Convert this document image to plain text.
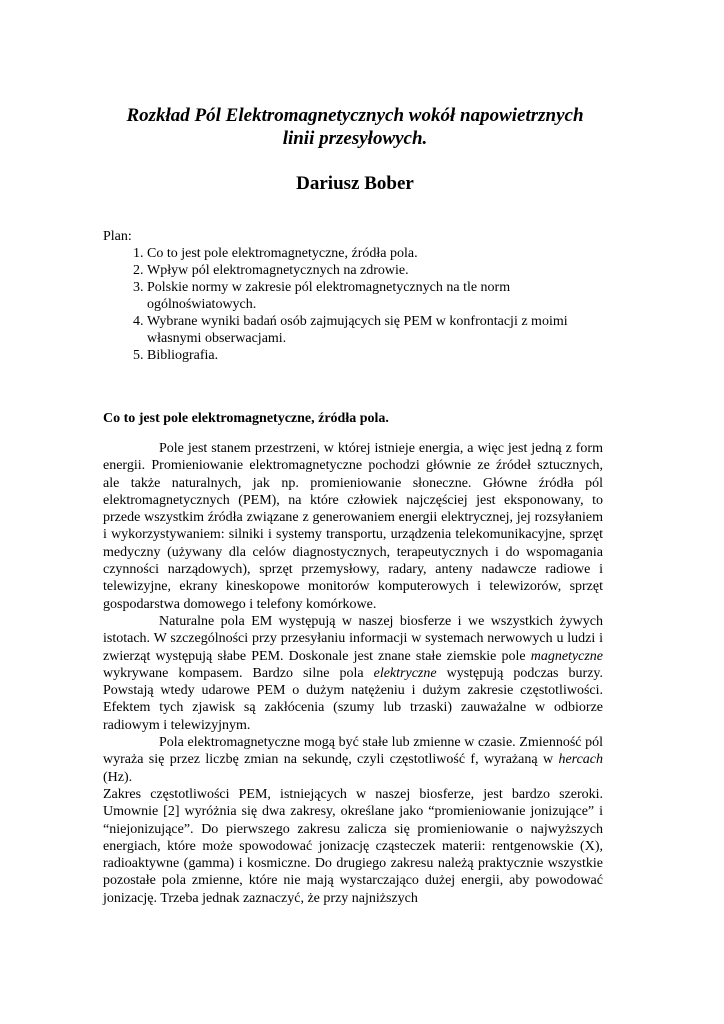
Rozkład Pól Elektromagnetycznych wokół napowietrznych
linii przesyłowych.
Dariusz Bober
Plan:
1. Co to jest pole elektromagnetyczne, źródła pola.
2. Wpływ pól elektromagnetycznych na zdrowie.
3. Polskie normy w zakresie pól elektromagnetycznych na tle norm ogólnoświatowych.
4. Wybrane wyniki badań osób zajmujących się PEM w konfrontacji z moimi własnymi obserwacjami.
5. Bibliografia.
Co to jest pole elektromagnetyczne, źródła pola.

Pole jest stanem przestrzeni, w której istnieje energia, a więc jest jedną z form energii. Promieniowanie elektromagnetyczne pochodzi głównie ze źródeł sztucznych, ale także naturalnych, jak np. promieniowanie słoneczne. Główne źródła pól elektromagnetycznych (PEM), na które człowiek najczęściej jest eksponowany, to przede wszystkim źródła związane z generowaniem energii elektrycznej, jej rozsyłaniem i wykorzystywaniem: silniki i systemy transportu, urządzenia telekomunikacyjne, sprzęt medyczny (używany dla celów diagnostycznych, terapeutycznych i do wspomagania czynności narządowych), sprzęt przemysłowy, radary, anteny nadawcze radiowe i telewizyjne, ekrany kineskopowe monitorów komputerowych i telewizorów, sprzęt gospodarstwa domowego i telefony komórkowe.

Naturalne pola EM występują w naszej biosferze i we wszystkich żywych istotach. W szczególności przy przesyłaniu informacji w systemach nerwowych u ludzi i zwierząt występują słabe PEM. Doskonale jest znane stałe ziemskie pole magnetyczne wykrywane kompasem. Bardzo silne pola elektryczne występują podczas burzy. Powstają wtedy udarowe PEM o dużym natężeniu i dużym zakresie częstotliwości. Efektem tych zjawisk są zakłócenia (szumy lub trzaski) zauważalne w odbiorze radiowym i telewizyjnym.

Pola elektromagnetyczne mogą być stałe lub zmienne w czasie. Zmienność pól wyraża się przez liczbę zmian na sekundę, czyli częstotliwość f, wyrażaną w hercach (Hz).

Zakres częstotliwości PEM, istniejących w naszej biosferze, jest bardzo szeroki. Umownie [2] wyróżnia się dwa zakresy, określane jako “promieniowanie jonizujące” i “niejonizujące”. Do pierwszego zakresu zalicza się promieniowanie o najwyższych energiach, które może spowodować jonizację cząsteczek materii: rentgenowskie (X), radioaktywne (gamma) i kosmiczne. Do drugiego zakresu należą praktycznie wszystkie pozostałe pola zmienne, które nie mają wystarczająco dużej energii, aby powodować jonizację. Trzeba jednak zaznaczyć, że przy najniższych
